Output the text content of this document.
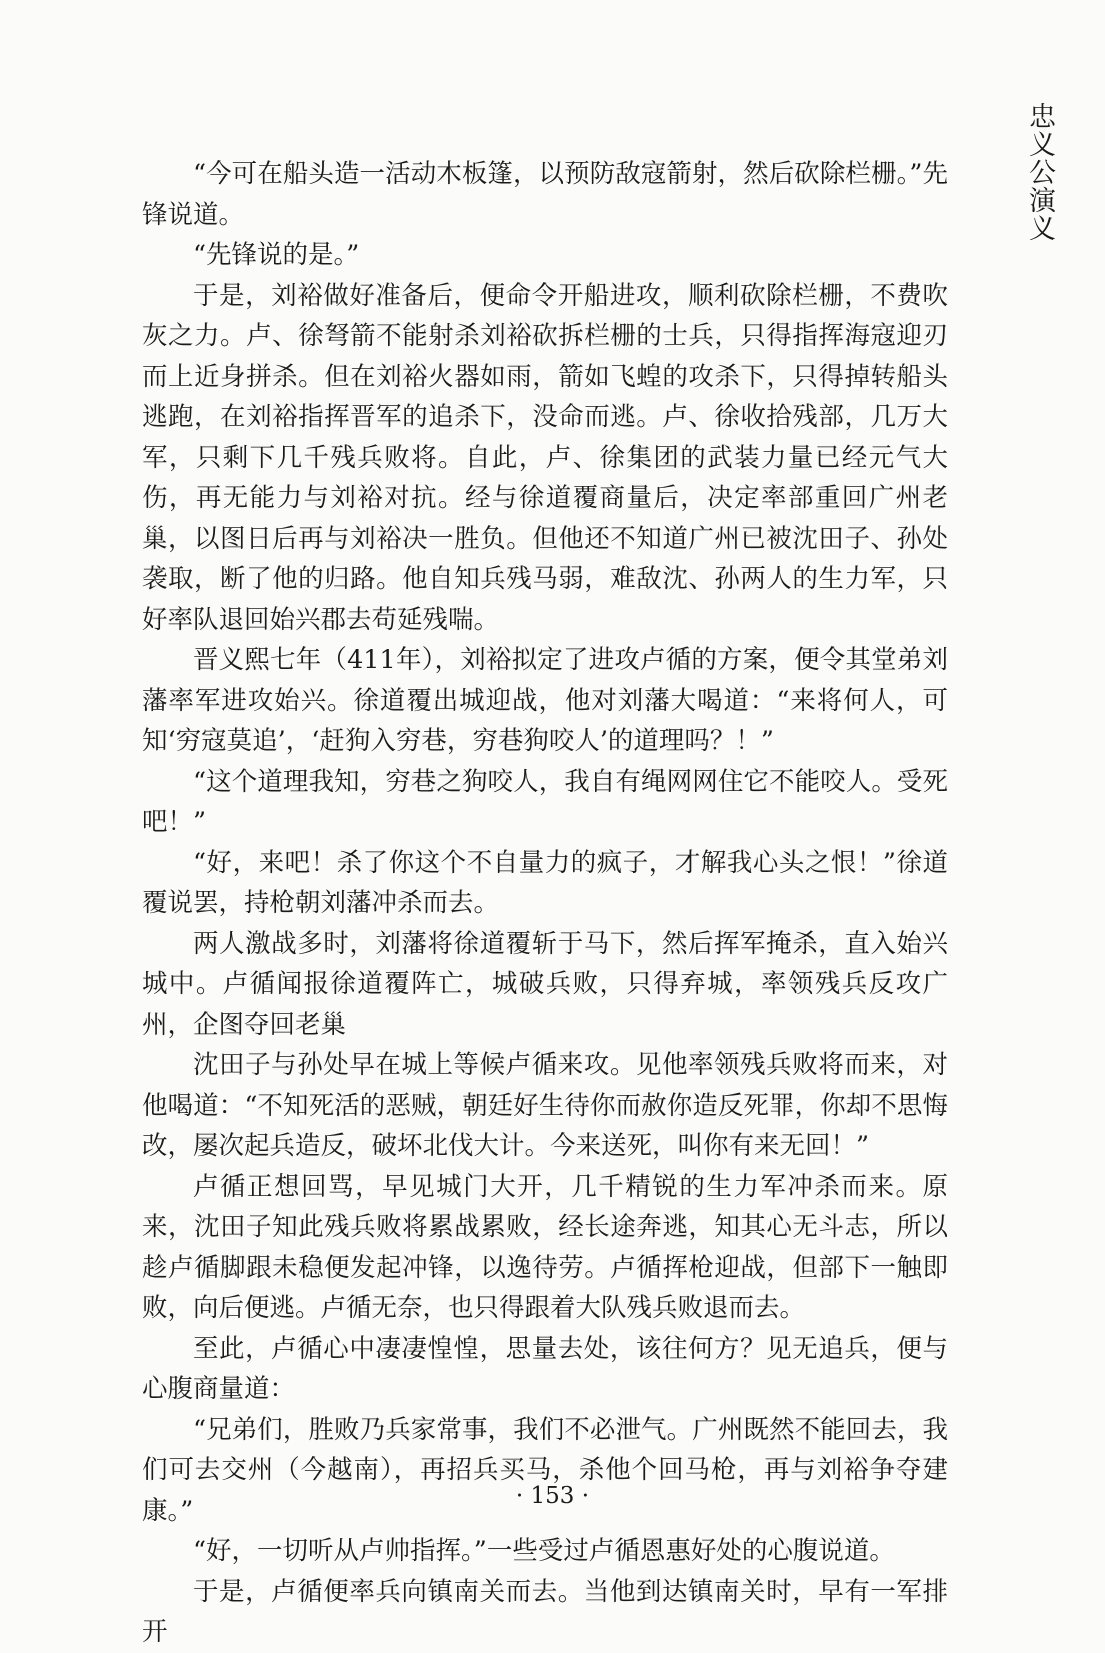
忠义公演义

“今可在船头造一活动木板篷，以预防敌寇箭射，然后砍除栏栅。”先锋说道。

“先锋说的是。”

于是，刘裕做好准备后，便命令开船进攻，顺利砍除栏栅，不费吹灰之力。卢、徐弩箭不能射杀刘裕砍拆栏栅的士兵，只得指挥海寇迎刃而上近身拼杀。但在刘裕火器如雨，箭如飞蝗的攻杀下，只得掉转船头逃跑，在刘裕指挥晋军的追杀下，没命而逃。卢、徐收拾残部，几万大军，只剩下几千残兵败将。自此，卢、徐集团的武装力量已经元气大伤，再无能力与刘裕对抗。经与徐道覆商量后，决定率部重回广州老巢，以图日后再与刘裕决一胜负。但他还不知道广州已被沈田子、孙处袭取，断了他的归路。他自知兵残马弱，难敌沈、孙两人的生力军，只好率队退回始兴郡去苟延残喘。

晋义熙七年（411年），刘裕拟定了进攻卢循的方案，便令其堂弟刘藩率军进攻始兴。徐道覆出城迎战，他对刘藩大喝道：“来将何人，可知‘穷寇莫追’，‘赶狗入穷巷，穷巷狗咬人’的道理吗？！”

“这个道理我知，穷巷之狗咬人，我自有绳网网住它不能咬人。受死吧！”

“好，来吧！杀了你这个不自量力的疯子，才解我心头之恨！”徐道覆说罢，持枪朝刘藩冲杀而去。

两人激战多时，刘藩将徐道覆斩于马下，然后挥军掩杀，直入始兴城中。卢循闻报徐道覆阵亡，城破兵败，只得弃城，率领残兵反攻广州，企图夺回老巢

沈田子与孙处早在城上等候卢循来攻。见他率领残兵败将而来，对他喝道：“不知死活的恶贼，朝廷好生待你而赦你造反死罪，你却不思悔改，屡次起兵造反，破坏北伐大计。今来送死，叫你有来无回！”

卢循正想回骂，早见城门大开，几千精锐的生力军冲杀而来。原来，沈田子知此残兵败将累战累败，经长途奔逃，知其心无斗志，所以趁卢循脚跟未稳便发起冲锋，以逸待劳。卢循挥枪迎战，但部下一触即败，向后便逃。卢循无奈，也只得跟着大队残兵败退而去。

至此，卢循心中凄凄惶惶，思量去处，该往何方？见无追兵，便与心腹商量道：

“兄弟们，胜败乃兵家常事，我们不必泄气。广州既然不能回去，我们可去交州（今越南），再招兵买马，杀他个回马枪，再与刘裕争夺建康。”

“好，一切听从卢帅指挥。”一些受过卢循恩惠好处的心腹说道。

于是，卢循便率兵向镇南关而去。当他到达镇南关时，早有一军排开

· 153 ·
